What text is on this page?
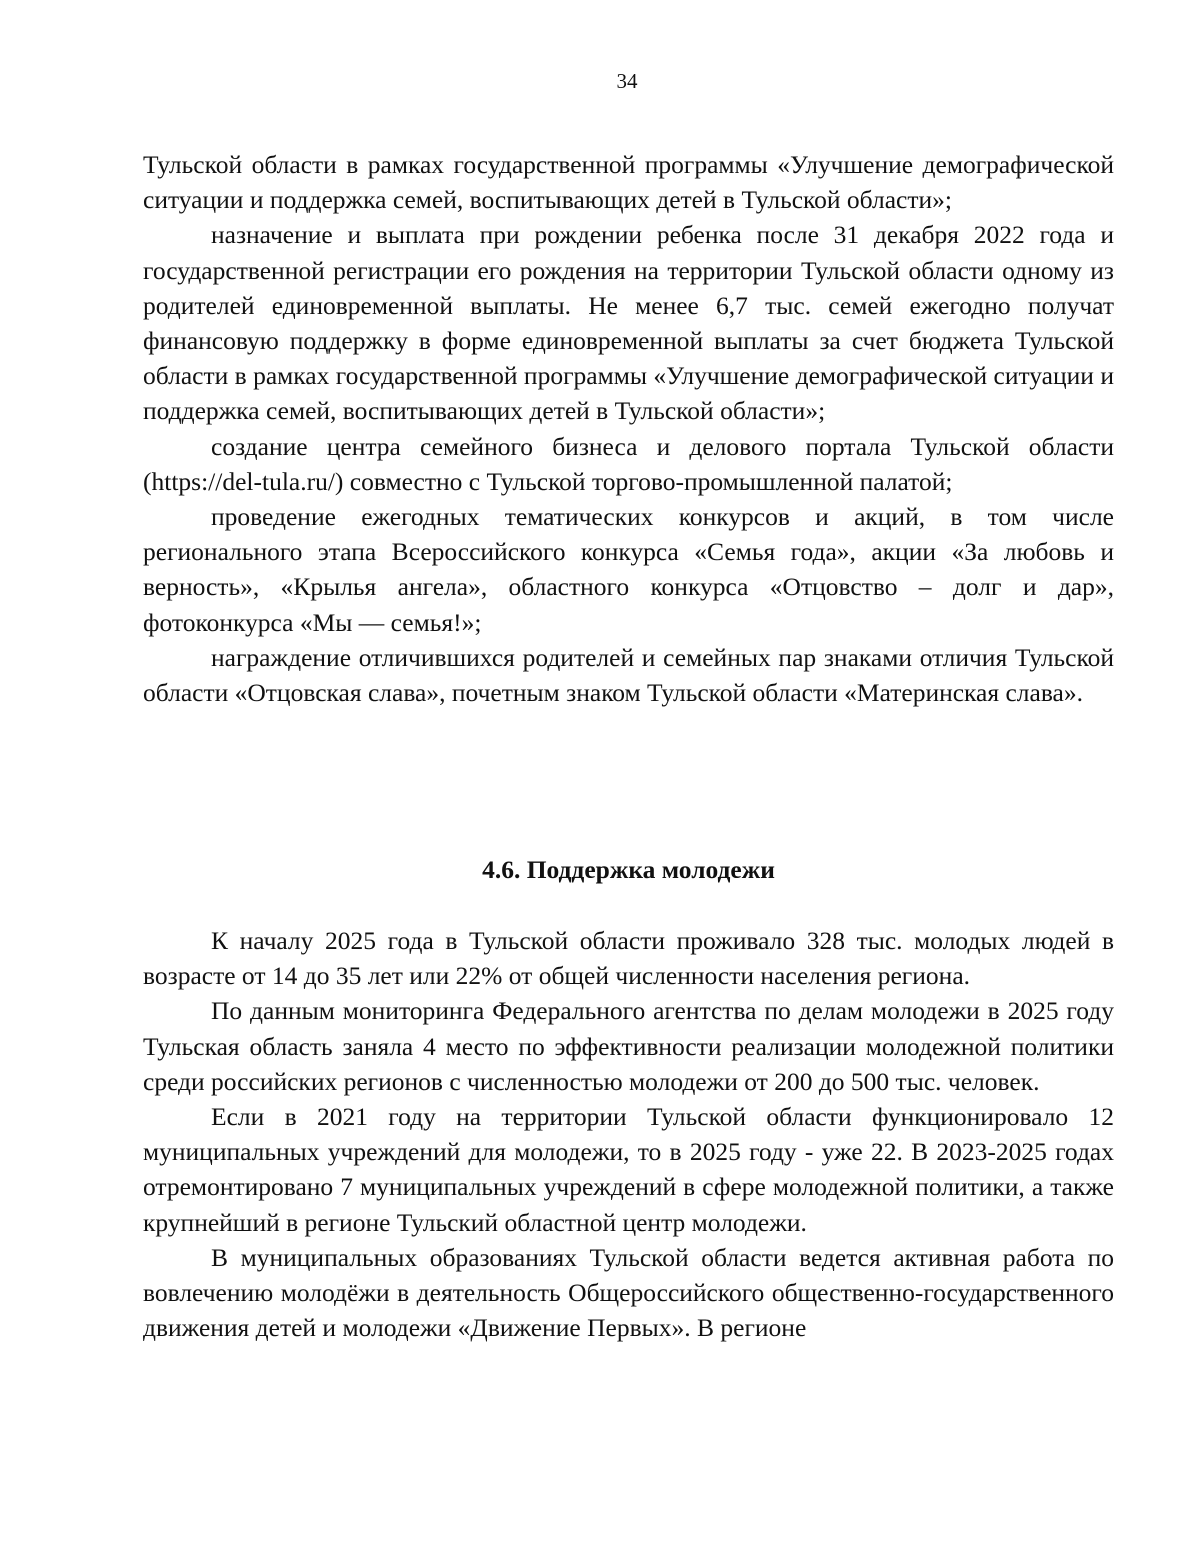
34

Тульской области в рамках государственной программы «Улучшение демографической ситуации и поддержка семей, воспитывающих детей в Тульской области»;

назначение и выплата при рождении ребенка после 31 декабря 2022 года и государственной регистрации его рождения на территории Тульской области одному из родителей единовременной выплаты. Не менее 6,7 тыс. семей ежегодно получат финансовую поддержку в форме единовременной выплаты за счет бюджета Тульской области в рамках государственной программы «Улучшение демографической ситуации и поддержка семей, воспитывающих детей в Тульской области»;

создание центра семейного бизнеса и делового портала Тульской области (https://del-tula.ru/) совместно с Тульской торгово-промышленной палатой;

проведение ежегодных тематических конкурсов и акций, в том числе регионального этапа Всероссийского конкурса «Семья года», акции «За любовь и верность», «Крылья ангела», областного конкурса «Отцовство – долг и дар», фотоконкурса «Мы — семья!»;

награждение отличившихся родителей и семейных пар знаками отличия Тульской области «Отцовская слава», почетным знаком Тульской области «Материнская слава».

4.6. Поддержка молодежи

К началу 2025 года в Тульской области проживало 328 тыс. молодых людей в возрасте от 14 до 35 лет или 22% от общей численности населения региона.

По данным мониторинга Федерального агентства по делам молодежи в 2025 году Тульская область заняла 4 место по эффективности реализации молодежной политики среди российских регионов с численностью молодежи от 200 до 500 тыс. человек.

Если в 2021 году на территории Тульской области функционировало 12 муниципальных учреждений для молодежи, то в 2025 году - уже 22. В 2023-2025 годах отремонтировано 7 муниципальных учреждений в сфере молодежной политики, а также крупнейший в регионе Тульский областной центр молодежи.

В муниципальных образованиях Тульской области ведется активная работа по вовлечению молодёжи в деятельность Общероссийского общественно-государственного движения детей и молодежи «Движение Первых». В регионе
